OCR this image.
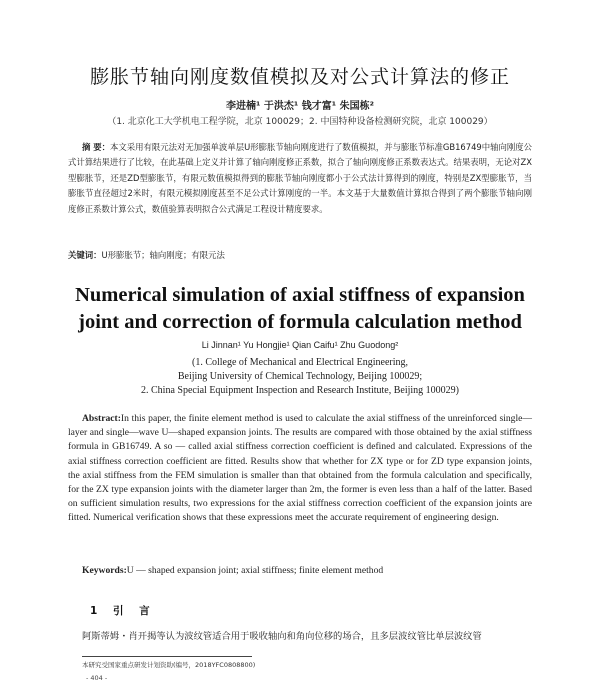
膨胀节轴向刚度数值模拟及对公式计算法的修正
李进楠¹ 于洪杰¹ 钱才富¹ 朱国栋²
（1. 北京化工大学机电工程学院，北京 100029；2. 中国特种设备检测研究院，北京 100029）
摘 要：本文采用有限元法对无加强单波单层U形膨胀节轴向刚度进行了数值模拟，并与膨胀节标准GB16749中轴向刚度公式计算结果进行了比较，在此基础上定义并计算了轴向刚度修正系数，拟合了轴向刚度修正系数表达式。结果表明，无论对ZX型膨胀节，还是ZD型膨胀节，有限元数值模拟得到的膨胀节轴向刚度都小于公式法计算得到的刚度，特别是ZX型膨胀节，当膨胀节直径超过2米时，有限元模拟刚度甚至不足公式计算刚度的一半。本文基于大量数值计算拟合得到了两个膨胀节轴向刚度修正系数计算公式，数值验算表明拟合公式满足工程设计精度要求。
关键词：U形膨胀节；轴向刚度；有限元法
Numerical simulation of axial stiffness of expansion
joint and correction of formula calculation method
Li Jinnan¹ Yu Hongjie¹ Qian Caifu¹ Zhu Guodong²
(1. College of Mechanical and Electrical Engineering,
Beijing University of Chemical Technology, Beijing 100029;
2. China Special Equipment Inspection and Research Institute, Beijing 100029)
Abstract:In this paper, the finite element method is used to calculate the axial stiffness of the unreinforced single—layer and single—wave U—shaped expansion joints. The results are compared with those obtained by the axial stiffness formula in GB16749. A so — called axial stiffness correction coefficient is defined and calculated. Expressions of the axial stiffness correction coefficient are fitted. Results show that whether for ZX type or for ZD type expansion joints, the axial stiffness from the FEM simulation is smaller than that obtained from the formula calculation and specifically, for the ZX type expansion joints with the diameter larger than 2m, the former is even less than a half of the latter. Based on sufficient simulation results, two expressions for the axial stiffness correction coefficient of the expansion joints are fitted. Numerical verification shows that these expressions meet the accurate requirement of engineering design.
Keywords:U — shaped expansion joint; axial stiffness; finite element method
1 引 言
阿斯蒂姆・肖开揭等认为波纹管适合用于吸收轴向和角向位移的场合，且多层波纹管比单层波纹管
本研究受国家重点研发计划资助(编号，2018YFC0808800)
- 404 -
